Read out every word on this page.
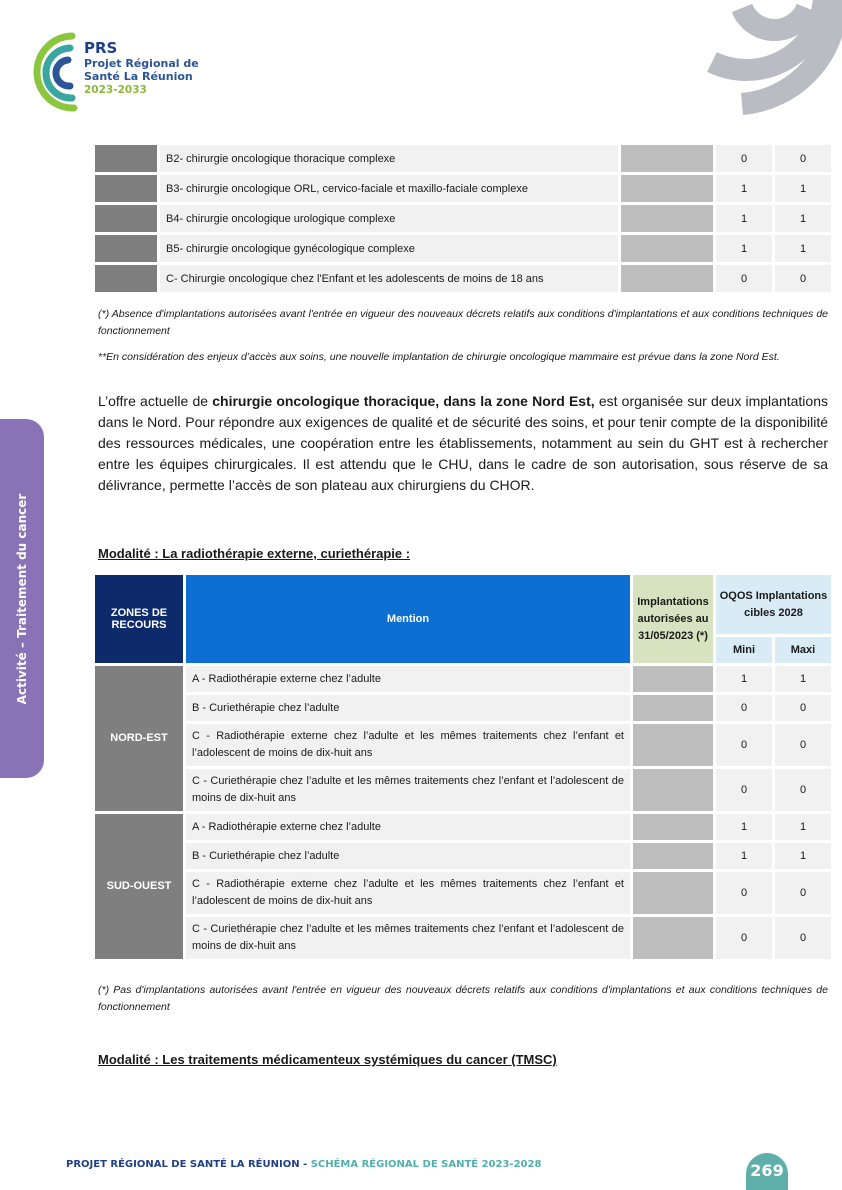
PRS
Projet Régional de
Santé La Réunion
2023-2033
Activité – Traitement du cancer
	B2- chirurgie oncologique thoracique complexe		0	0
	B3- chirurgie oncologique ORL, cervico-faciale et maxillo-faciale complexe		1	1
	B4- chirurgie oncologique urologique complexe		1	1
	B5- chirurgie oncologique gynécologique complexe		1	1
	C- Chirurgie oncologique chez l'Enfant et les adolescents de moins de 18 ans		0	0
(*) Absence d'implantations autorisées avant l'entrée en vigueur des nouveaux décrets relatifs aux conditions d'implantations et aux conditions techniques de fonctionnement
**En considération des enjeux d’accès aux soins, une nouvelle implantation de chirurgie oncologique mammaire est prévue dans la zone Nord Est.
L’offre actuelle de chirurgie oncologique thoracique, dans la zone Nord Est, est organisée sur deux implantations dans le Nord. Pour répondre aux exigences de qualité et de sécurité des soins, et pour tenir compte de la disponibilité des ressources médicales, une coopération entre les établissements, notamment au sein du GHT est à rechercher entre les équipes chirurgicales. Il est attendu que le CHU, dans le cadre de son autorisation, sous réserve de sa délivrance, permette l’accès de son plateau aux chirurgiens du CHOR.
Modalité : La radiothérapie externe, curiethérapie :
ZONES DE RECOURS	Mention	Implantations autorisées au 31/05/2023 (*)	OQOS Implantations cibles 2028	
			Mini	Maxi
NORD-EST	A - Radiothérapie externe chez l’adulte		1	1
	B - Curiethérapie chez l’adulte		0	0
	C - Radiothérapie externe chez l’adulte et les mêmes traitements chez l’enfant et l’adolescent de moins de dix-huit ans		0	0
	C - Curiethérapie chez l’adulte et les mêmes traitements chez l’enfant et l’adolescent de moins de dix-huit ans		0	0
SUD-OUEST	A - Radiothérapie externe chez l’adulte		1	1
	B - Curiethérapie chez l’adulte		1	1
	C - Radiothérapie externe chez l’adulte et les mêmes traitements chez l’enfant et l’adolescent de moins de dix-huit ans		0	0
	C - Curiethérapie chez l’adulte et les mêmes traitements chez l’enfant et l’adolescent de moins de dix-huit ans		0	0
(*) Pas d'implantations autorisées avant l'entrée en vigueur des nouveaux décrets relatifs aux conditions d'implantations et aux conditions techniques de fonctionnement
Modalité : Les traitements médicamenteux systémiques du cancer (TMSC)
PROJET RÉGIONAL DE SANTÉ LA RÉUNION - SCHÉMA RÉGIONAL DE SANTÉ 2023-2028	269
